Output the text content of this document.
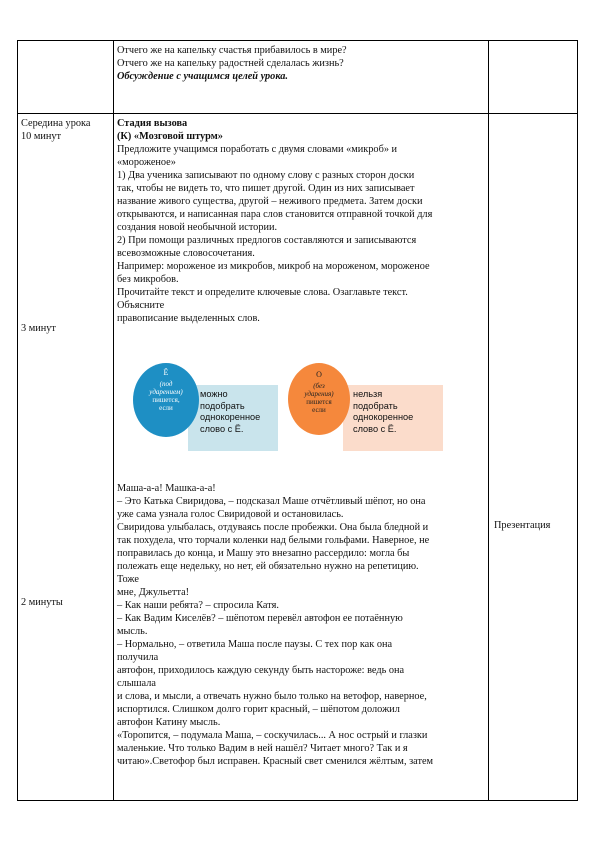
Отчего же на капельку счастья прибавилось в мире?
Отчего же на капельку радостней сделалась жизнь?
Обсуждение с учащимся целей урока.
Середина урока
10 минут
3 минут
2 минуты
Презентация
Стадия вызова
(К) «Мозговой штурм»
Предложите учащимся поработать с двумя словами «микроб» и
«мороженое»
1) Два ученика записывают по одному слову с разных сторон доски
так, чтобы не видеть то, что пишет другой. Один из них записывает
название живого существа, другой – неживого предмета. Затем доски
открываются, и написанная пара слов становится отправной точкой для
создания новой необычной истории.
2) При помощи различных предлогов составляются и записываются
всевозможные словосочетания.
Например: мороженое из микробов, микроб на мороженом, мороженое
без микробов.
Прочитайте текст и определите ключевые слова. Озаглавьте текст.
Объясните
правописание выделенных слов.
можно
подобрать
однокоренное
слово с Ё.
Ё
(под
ударением)
пишется,
если
нельзя
подобрать
однокоренное
слово с Ё.
О
(без
ударения)
пишется
если
Маша-а-а! Машка-а-а!
– Это Катька Свиридова, – подсказал Маше отчётливый шёпот, но она
уже сама узнала голос Свиридовой и остановилась.
Свиридова улыбалась, отдуваясь после пробежки. Она была бледной и
так похудела, что торчали коленки над белыми гольфами. Наверное, не
поправилась до конца, и Машу это внезапно рассердило: могла бы
полежать еще недельку, но нет, ей обязательно нужно на репетицию.
Тоже
мне, Джульетта!
– Как наши ребята? – спросила Катя.
– Как Вадим Киселёв? – шёпотом перевёл автофон ее потаённую
мысль.
– Нормально, – ответила Маша после паузы. С тех пор как она
получила
автофон, приходилось каждую секунду быть настороже: ведь она
слышала
и слова, и мысли, а отвечать нужно было только на ветофор, наверное,
испортился. Слишком долго горит красный, – шёпотом доложил
автофон Катину мысль.
«Торопится, – подумала Маша, – соскучилась... А нос острый и глазки
маленькие. Что только Вадим в ней нашёл? Читает много? Так и я
читаю».Светофор был исправен. Красный свет сменился жёлтым, затем
